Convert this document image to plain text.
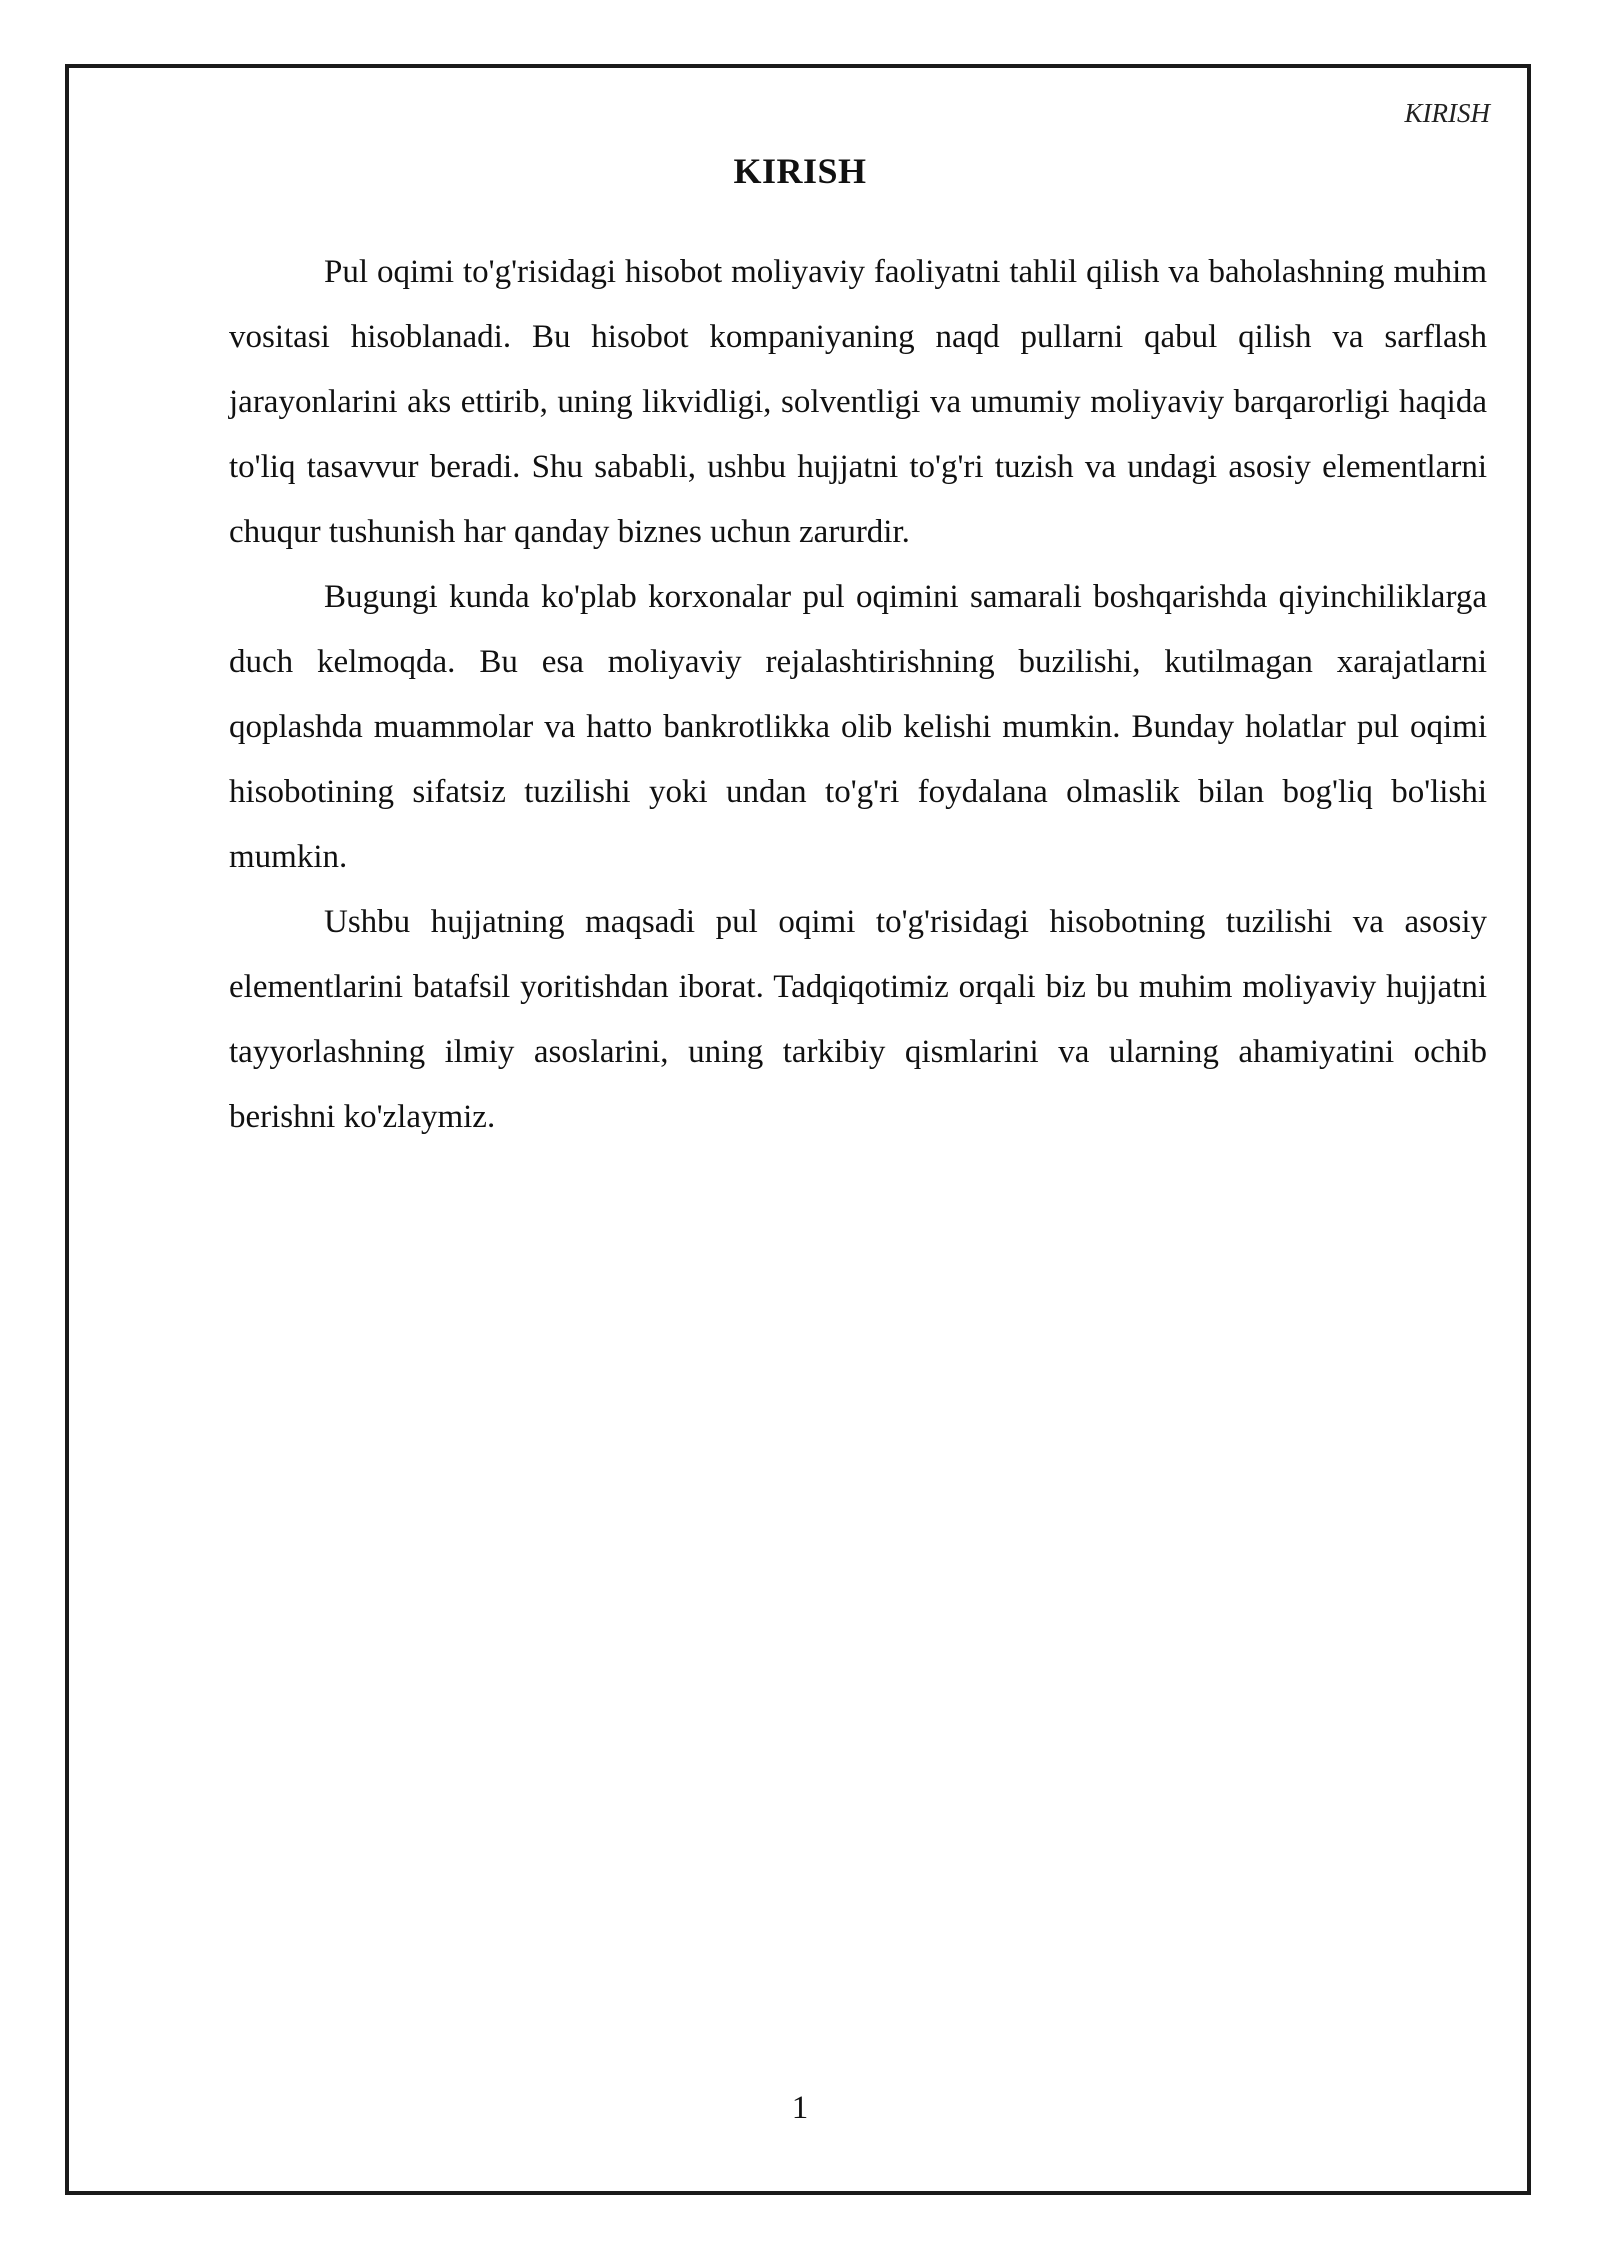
KIRISH
KIRISH

Pul oqimi to'g'risidagi hisobot moliyaviy faoliyatni tahlil qilish va baholashning muhim vositasi hisoblanadi. Bu hisobot kompaniyaning naqd pullarni qabul qilish va sarflash jarayonlarini aks ettirib, uning likvidligi, solventligi va umumiy moliyaviy barqarorligi haqida to'liq tasavvur beradi. Shu sababli, ushbu hujjatni to'g'ri tuzish va undagi asosiy elementlarni chuqur tushunish har qanday biznes uchun zarurdir.

Bugungi kunda ko'plab korxonalar pul oqimini samarali boshqarishda qiyinchiliklarga duch kelmoqda. Bu esa moliyaviy rejalashtirishning buzilishi, kutilmagan xarajatlarni qoplashda muammolar va hatto bankrotlikka olib kelishi mumkin. Bunday holatlar pul oqimi hisobotining sifatsiz tuzilishi yoki undan to'g'ri foydalana olmaslik bilan bog'liq bo'lishi mumkin.

Ushbu hujjatning maqsadi pul oqimi to'g'risidagi hisobotning tuzilishi va asosiy elementlarini batafsil yoritishdan iborat. Tadqiqotimiz orqali biz bu muhim moliyaviy hujjatni tayyorlashning ilmiy asoslarini, uning tarkibiy qismlarini va ularning ahamiyatini ochib berishni ko'zlaymiz.

1
